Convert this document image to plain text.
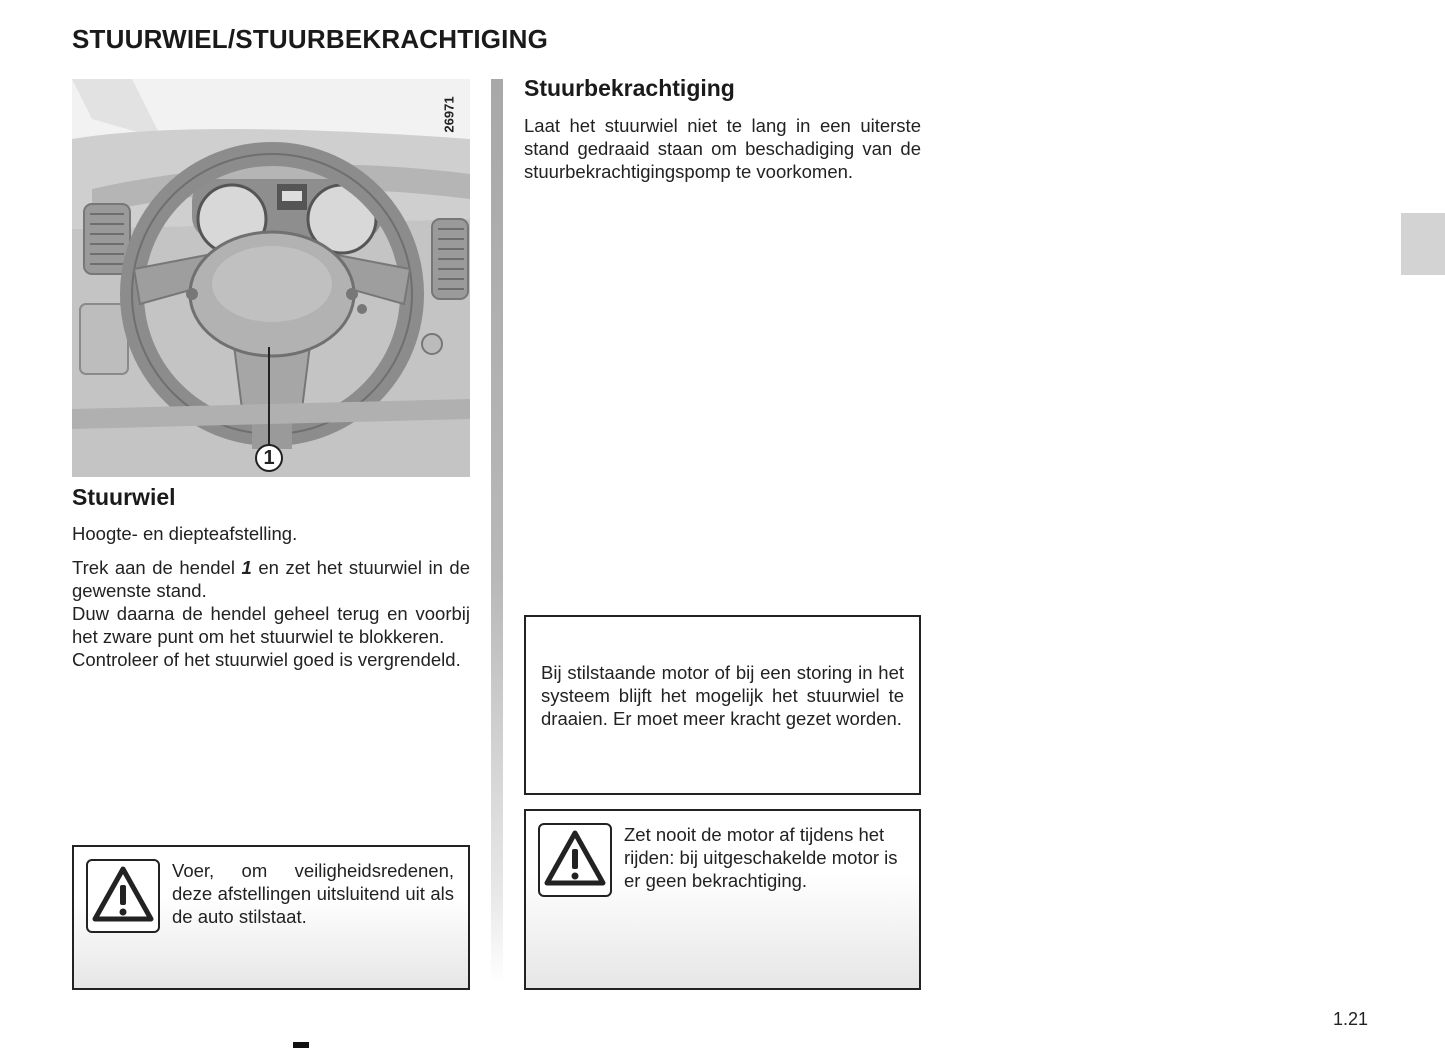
STUURWIEL/STUURBEKRACHTIGING
26971
1
Stuurwiel

Hoogte- en diepteafstelling.

Trek aan de hendel 1 en zet het stuurwiel in de gewenste stand.
Duw daarna de hendel geheel terug en voorbij het zware punt om het stuurwiel te blokkeren.
Controleer of het stuurwiel goed is vergrendeld.

Voer, om veiligheidsredenen, deze afstellingen uitsluitend uit als de auto stilstaat.

Stuurbekrachtiging

Laat het stuurwiel niet te lang in een uiterste stand gedraaid staan om beschadiging van de stuurbekrachtigingspomp te voorkomen.

Bij stilstaande motor of bij een storing in het systeem blijft het mogelijk het stuurwiel te draaien. Er moet meer kracht gezet worden.

Zet nooit de motor af tijdens het rijden: bij uitgeschakelde motor is er geen bekrachtiging.

1.21
